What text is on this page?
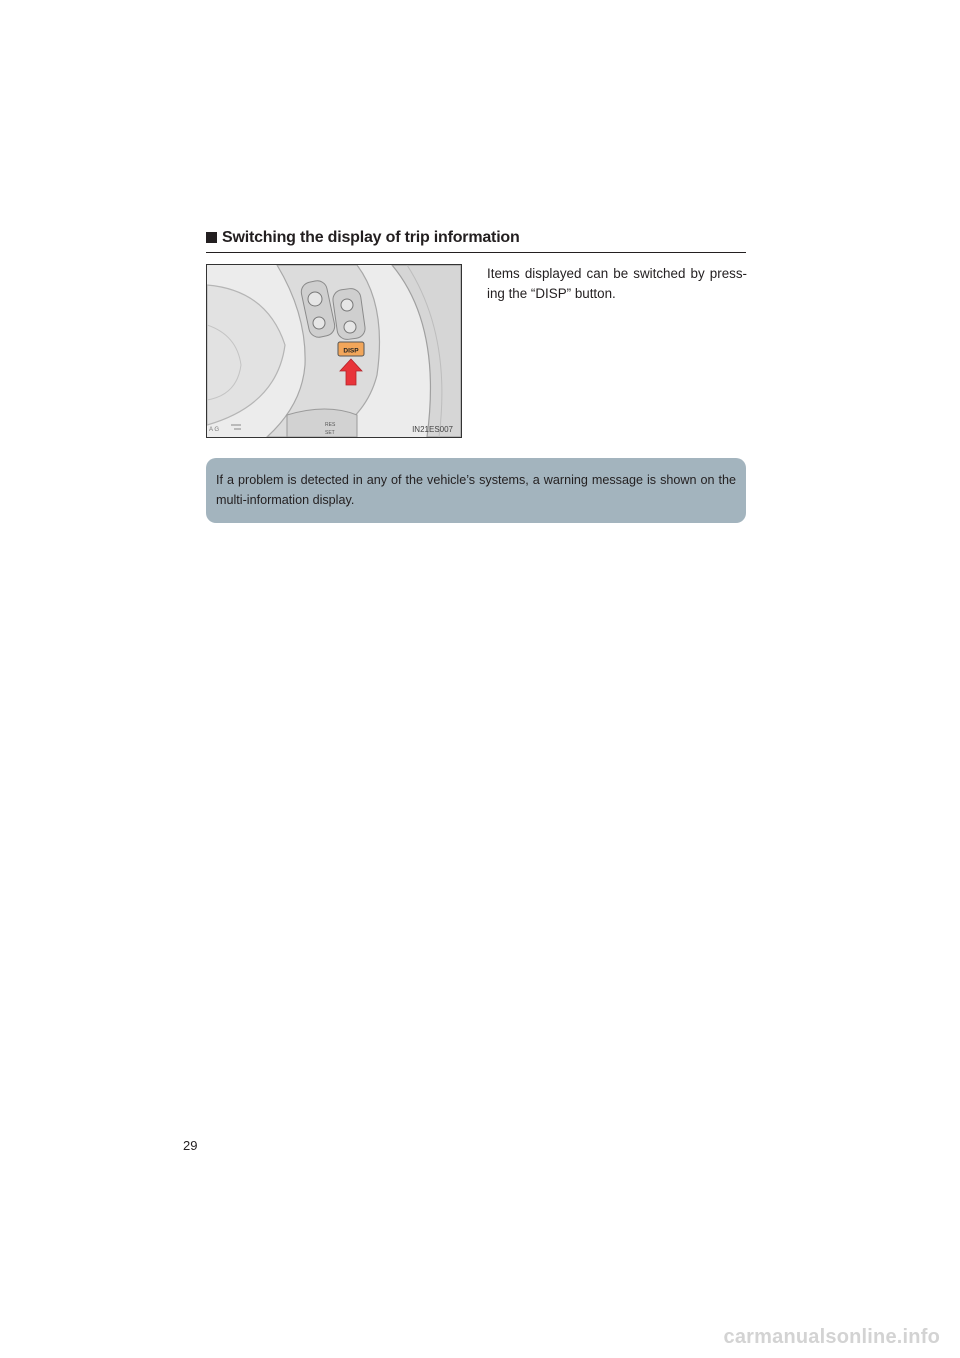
Switching the display of trip information
DISP
RES
SET
A G	IN21ES007
Items displayed can be switched by press-ing the “DISP” button.
If a problem is detected in any of the vehicle’s systems, a warning message is shown on the multi-information display.
29
carmanualsonline.info
